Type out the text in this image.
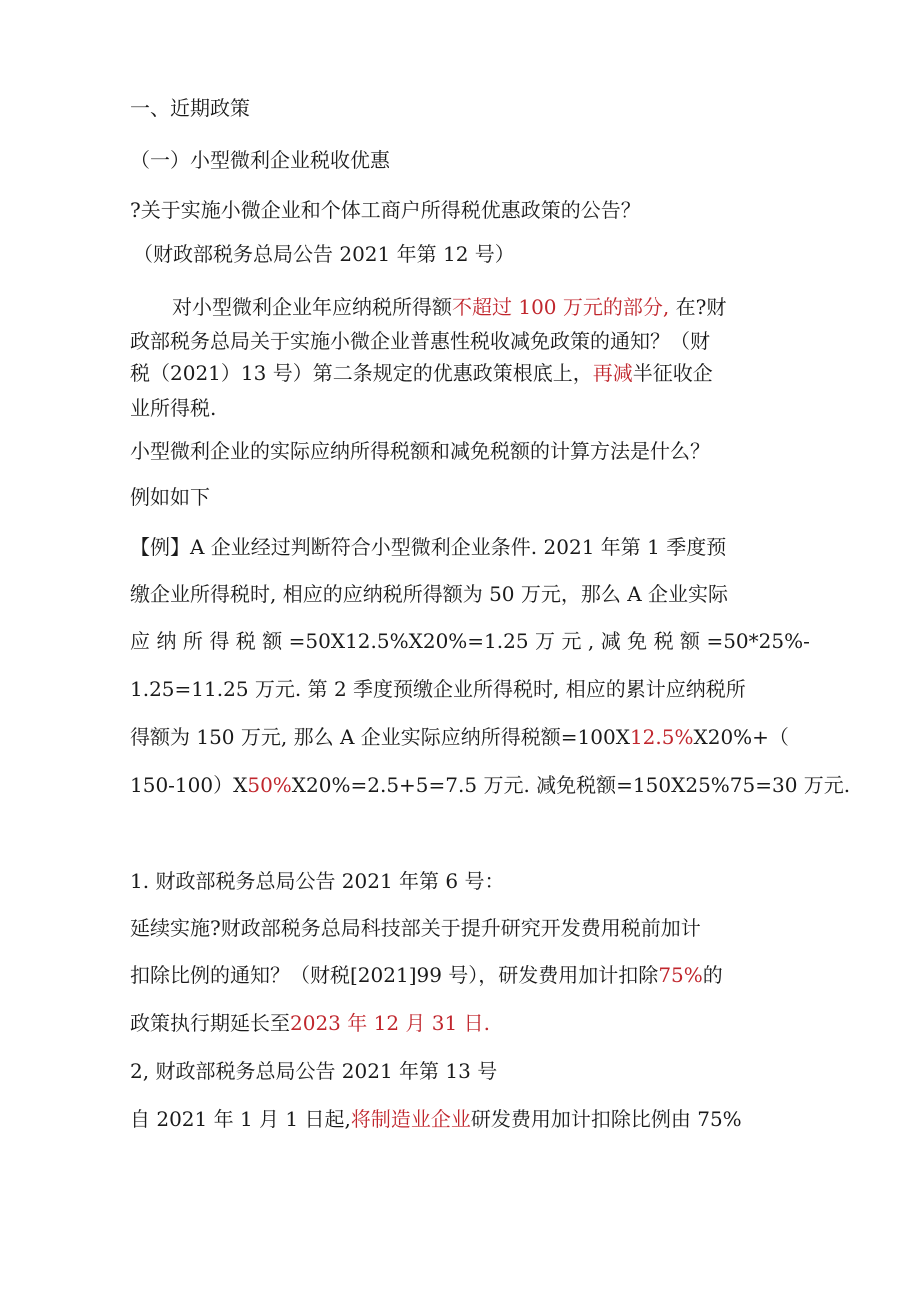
一、近期政策
（一）小型微利企业税收优惠
?关于实施小微企业和个体工商户所得税优惠政策的公告？
（财政部税务总局公告 2021 年第 12 号）
对小型微利企业年应纳税所得额不超过 100 万元的部分, 在?财
政部税务总局关于实施小微企业普惠性税收减免政策的通知？（财
税（2021）13 号）第二条规定的优惠政策根底上，再减半征收企
业所得税.
小型微利企业的实际应纳所得税额和减免税额的计算方法是什么？
例如如下
【例】A 企业经过判断符合小型微利企业条件. 2021 年第 1 季度预
缴企业所得税时, 相应的应纳税所得额为 50 万元，那么 A 企业实际
应 纳 所 得 税 额 =50X12.5%X20%=1.25 万 元 , 减 免 税 额 =50*25%-
1.25=11.25 万元. 第 2 季度预缴企业所得税时, 相应的累计应纳税所
得额为 150 万元, 那么 A 企业实际应纳所得税额=100X12.5%X20%+（
150-100）X50%X20%=2.5+5=7.5 万元. 减免税额=150X25%75=30 万元.
1. 财政部税务总局公告 2021 年第 6 号：
延续实施?财政部税务总局科技部关于提升研究开发费用税前加计
扣除比例的通知？（财税[2021]99 号），研发费用加计扣除75%的
政策执行期延长至2023 年 12 月 31 日.
2, 财政部税务总局公告 2021 年第 13 号
自 2021 年 1 月 1 日起,将制造业企业研发费用加计扣除比例由 75%
